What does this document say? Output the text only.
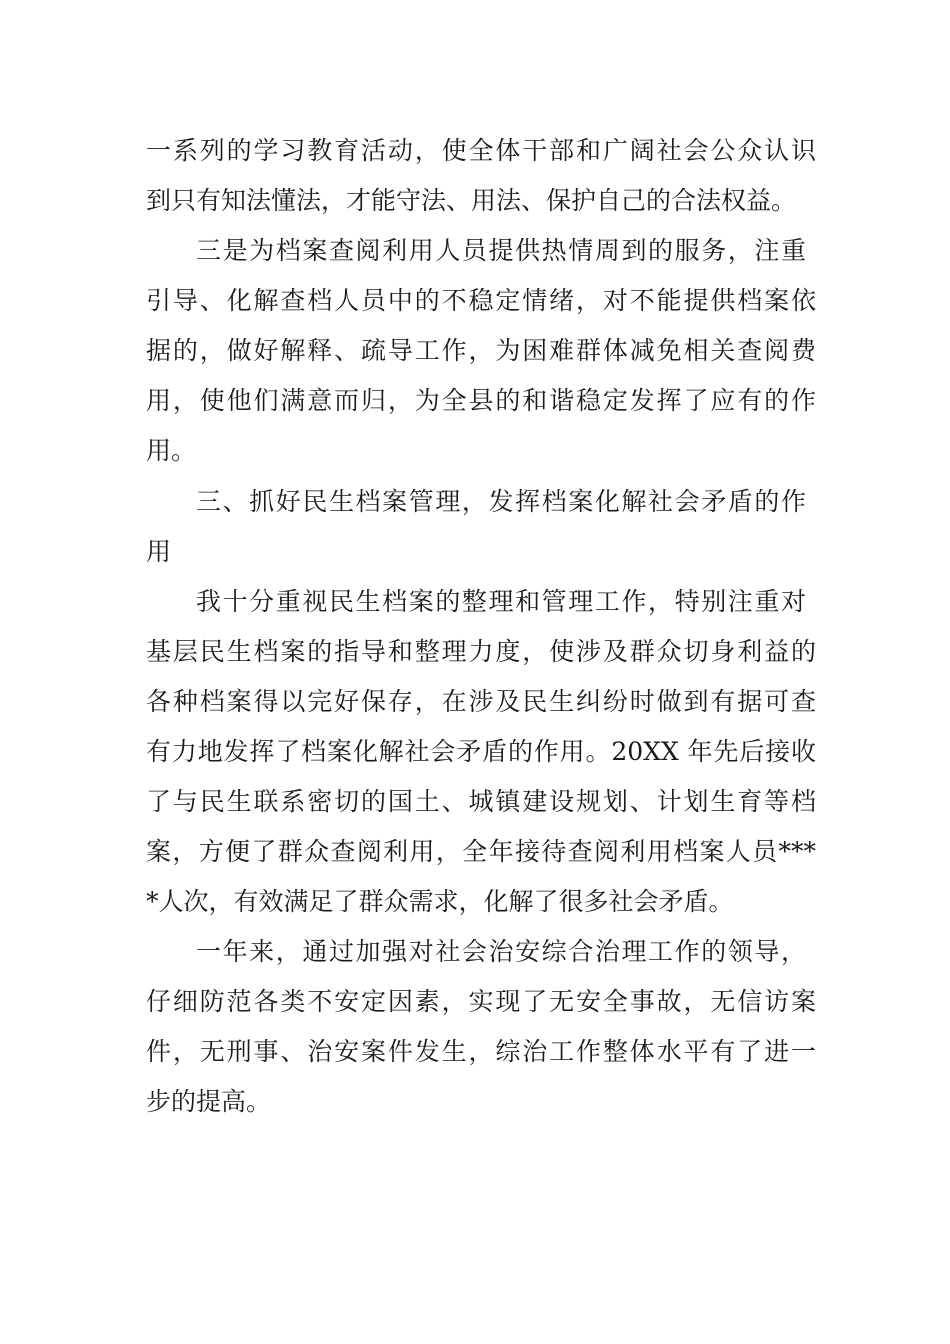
一系列的学习教育活动，使全体干部和广阔社会公众认识
到只有知法懂法，才能守法、用法、保护自己的合法权益。
三是为档案查阅利用人员提供热情周到的服务，注重
引导、化解查档人员中的不稳定情绪，对不能提供档案依
据的，做好解释、疏导工作，为困难群体减免相关查阅费
用，使他们满意而归，为全县的和谐稳定发挥了应有的作
用。
三、抓好民生档案管理，发挥档案化解社会矛盾的作
用
我十分重视民生档案的整理和管理工作，特别注重对
基层民生档案的指导和整理力度，使涉及群众切身利益的
各种档案得以完好保存，在涉及民生纠纷时做到有据可查
有力地发挥了档案化解社会矛盾的作用。20XX 年先后接收
了与民生联系密切的国土、城镇建设规划、计划生育等档
案，方便了群众查阅利用，全年接待查阅利用档案人员***
*人次，有效满足了群众需求，化解了很多社会矛盾。
一年来，通过加强对社会治安综合治理工作的领导，
仔细防范各类不安定因素，实现了无安全事故，无信访案
件，无刑事、治安案件发生，综治工作整体水平有了进一
步的提高。
